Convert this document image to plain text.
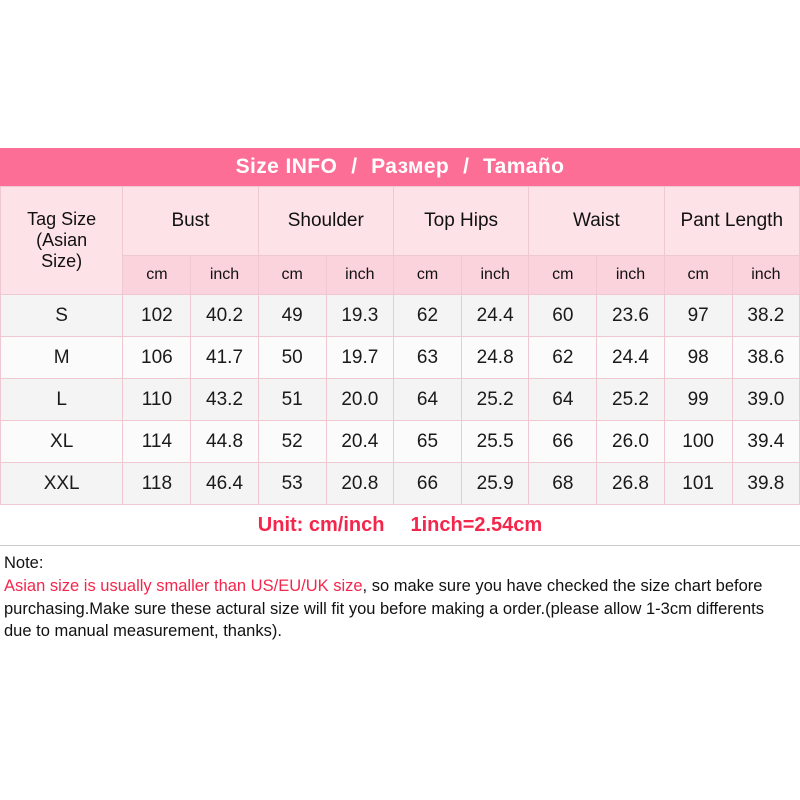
Size INFO / Размер / Tamaño
Tag Size
(Asian
Size)	Bust		Shoulder		Top Hips		Waist		Pant Length	
	cm	inch	cm	inch	cm	inch	cm	inch	cm	inch
S	102	40.2	49	19.3	62	24.4	60	23.6	97	38.2
M	106	41.7	50	19.7	63	24.8	62	24.4	98	38.6
L	110	43.2	51	20.0	64	25.2	64	25.2	99	39.0
XL	114	44.8	52	20.4	65	25.5	66	26.0	100	39.4
XXL	118	46.4	53	20.8	66	25.9	68	26.8	101	39.8
Unit: cm/inch 1inch=2.54cm
Note:
Asian size is usually smaller than US/EU/UK size, so make sure you have checked the size chart before purchasing.Make sure these actural size will fit you before making a order.(please allow 1-3cm differents due to manual measurement, thanks).
